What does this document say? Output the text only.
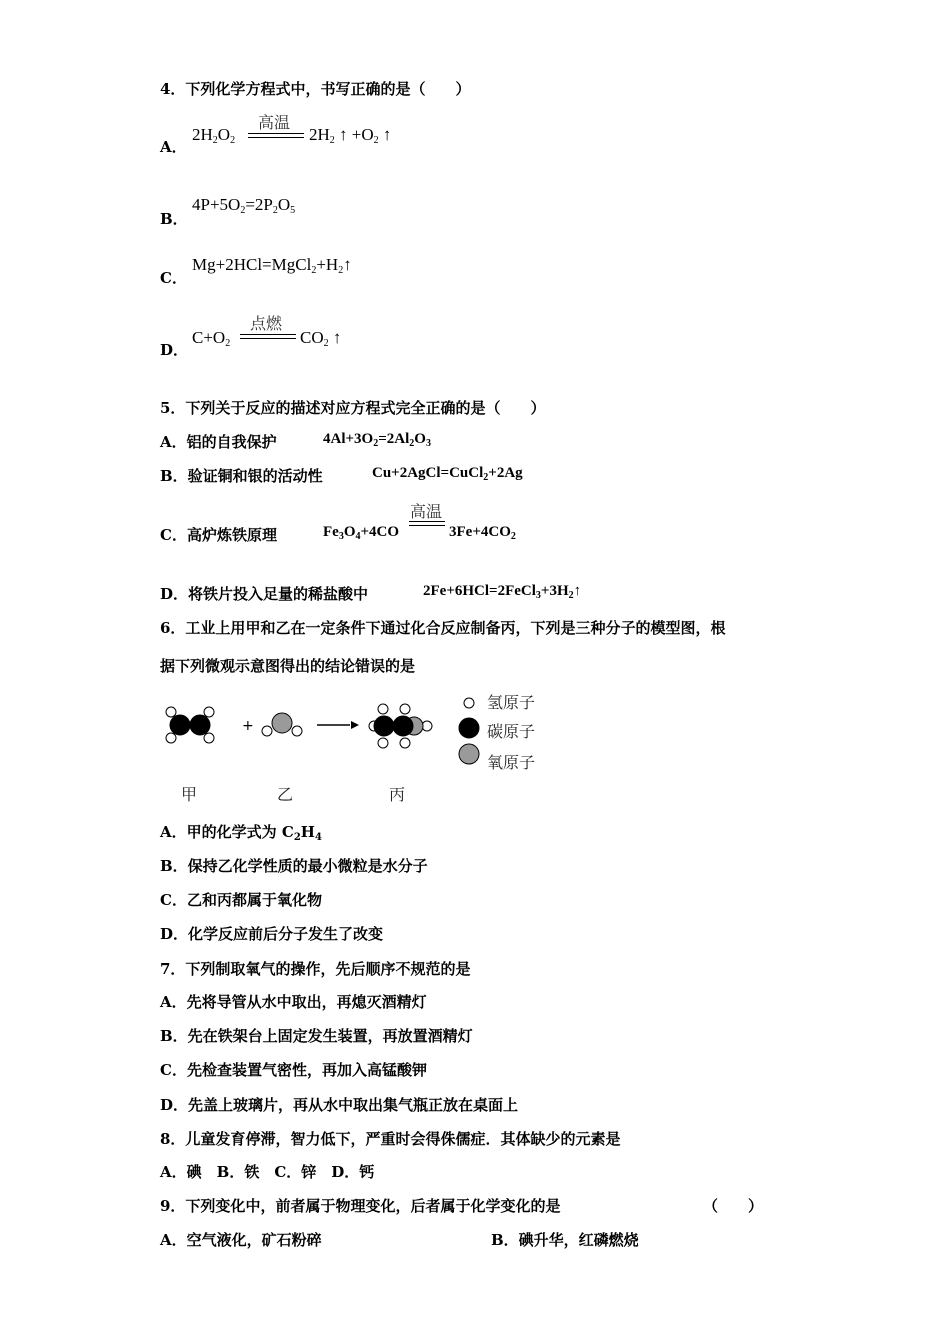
4．下列化学方程式中，书写正确的是（　　）
A．
高温
$2H_2O_2$	$2H_2$ ↑ $+O_2$ ↑
B．
$4P+5O_2=2P_2O_5$
C．
$Mg+2HCl=MgCl_2+H_2↑$
D．
点燃
$C+O_2$	$CO_2$ ↑
5．下列关于反应的描述对应方程式完全正确的是（　　）
A．铝的自我保护	$4Al+3O_2=2Al_2O_3$
B．验证铜和银的活动性	Cu+2AgCl=CuCl$_2$+2Ag
C．高炉炼铁原理	$Fe_3O_4+4CO$
高温
$3Fe+4CO_2$
D．将铁片投入足量的稀盐酸中	$2Fe+6HCl=2FeCl_3+3H_2↑$
6．工业上用甲和乙在一定条件下通过化合反应制备丙，下列是三种分子的模型图，根
据下列微观示意图得出的结论错误的是
+
氢原子
碳原子
氧原子
甲	乙	丙
A．甲的化学式为 $C_2H_4$
B．保持乙化学性质的最小微粒是水分子
C．乙和丙都属于氧化物
D．化学反应前后分子发生了改变
7．下列制取氧气的操作，先后顺序不规范的是
A．先将导管从水中取出，再熄灭酒精灯
B．先在铁架台上固定发生装置，再放置酒精灯
C．先检查装置气密性，再加入高锰酸钾
D．先盖上玻璃片，再从水中取出集气瓶正放在桌面上
8．儿童发育停滞，智力低下，严重时会得侏儒症．其体缺少的元素是
A．碘　B．铁　C．锌　D．钙
9．下列变化中，前者属于物理变化，后者属于化学变化的是	（　　）
A．空气液化，矿石粉碎	B．碘升华，红磷燃烧
